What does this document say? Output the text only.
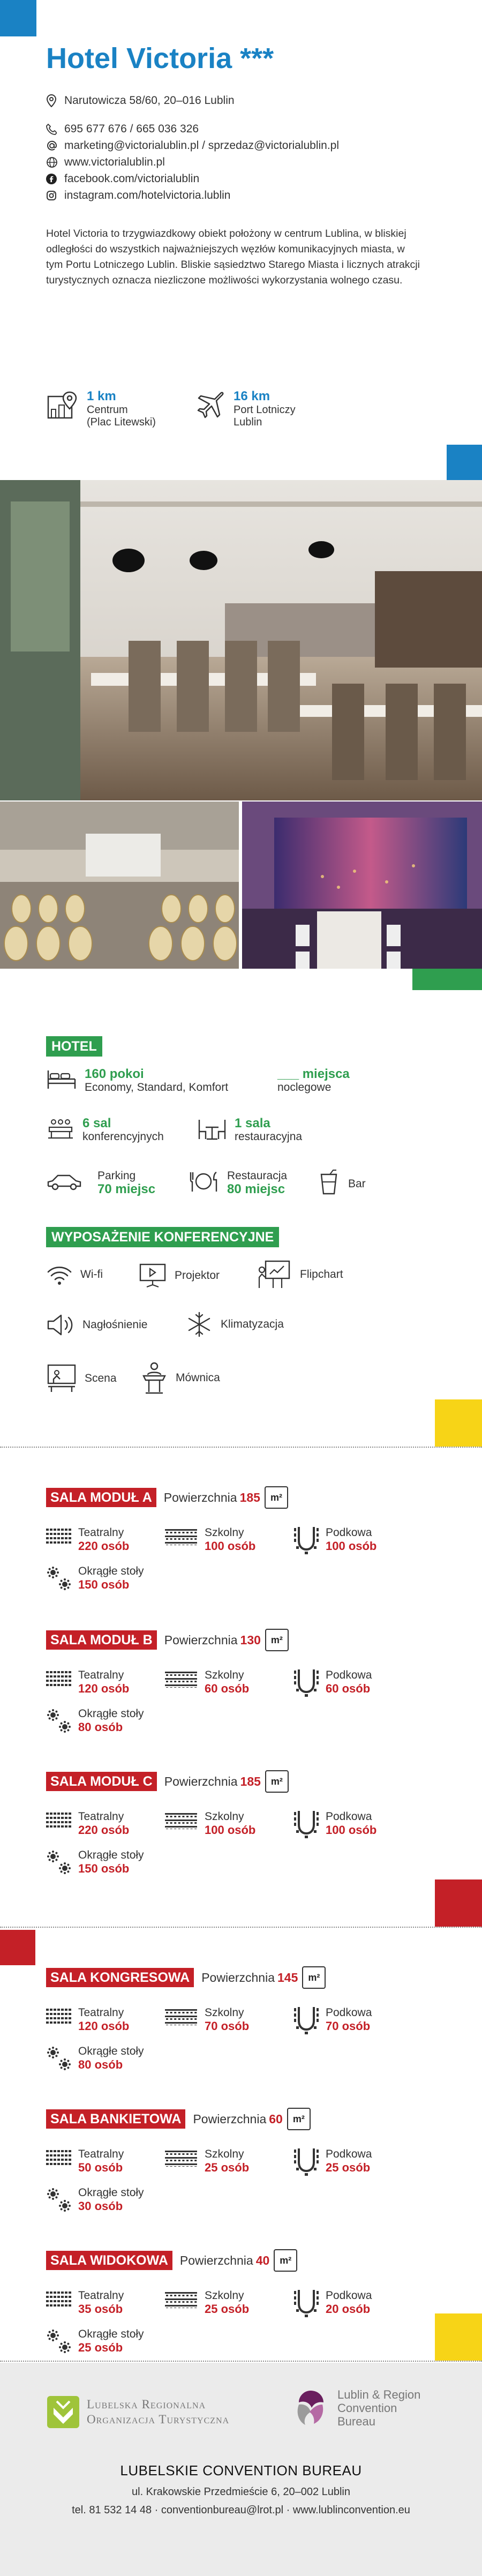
Hotel Victoria ***
Narutowicza 58/60, 20–016 Lublin
695 677 676 / 665 036 326
marketing@victorialublin.pl / sprzedaz@victorialublin.pl
www.victorialublin.pl
facebook.com/victorialublin
instagram.com/hotelvictoria.lublin

Hotel Victoria to trzygwiazdkowy obiekt położony w centrum Lublina, w bliskiej odległości do wszystkich najważniejszych węzłów komunikacyjnych miasta, w tym Portu Lotniczego Lublin. Bliskie sąsiedztwo Starego Miasta i licznych atrakcji turystycznych oznacza niezliczone możliwości wykorzystania wolnego czasu.

1 km
Centrum
(Plac Litewski)
16 km
Port Lotniczy
Lublin
HOTEL
160 pokoi
Economy, Standard, Komfort
___ miejsca
noclegowe
6 sal
konferencyjnych
1 sala
restauracyjna
Parking
70 miejsc
Restauracja
80 miejsc	Bar
WYPOSAŻENIE KONFERENCYJNE
Wi-fi	Projektor	Flipchart
Nagłośnienie	Klimatyzacja
Scena	Mównica
SALA MODUŁ A Powierzchnia 185	m²
Teatralny
220 osób
Szkolny
100 osób
Podkowa
100 osób
Okrągłe stoły
150 osób
SALA MODUŁ B Powierzchnia 130	m²
Teatralny
120 osób
Szkolny
60 osób
Podkowa
60 osób
Okrągłe stoły
80 osób
SALA MODUŁ C Powierzchnia 185	m²
Teatralny
220 osób
Szkolny
100 osób
Podkowa
100 osób
Okrągłe stoły
150 osób
SALA KONGRESOWA Powierzchnia 145	m²
Teatralny
120 osób
Szkolny
70 osób
Podkowa
70 osób
Okrągłe stoły
80 osób
SALA BANKIETOWA Powierzchnia 60	m²
Teatralny
50 osób
Szkolny
25 osób
Podkowa
25 osób
Okrągłe stoły
30 osób
SALA WIDOKOWA Powierzchnia 40	m²
Teatralny
35 osób
Szkolny
25 osób
Podkowa
20 osób
Okrągłe stoły
25 osób
Lubelska Regionalna
Organizacja Turystyczna
Lublin & Region
Convention
Bureau
LUBELSKIE CONVENTION BUREAU
ul. Krakowskie Przedmieście 6, 20–002 Lublin
tel. 81 532 14 48 · conventionbureau@lrot.pl · www.lublinconvention.eu
